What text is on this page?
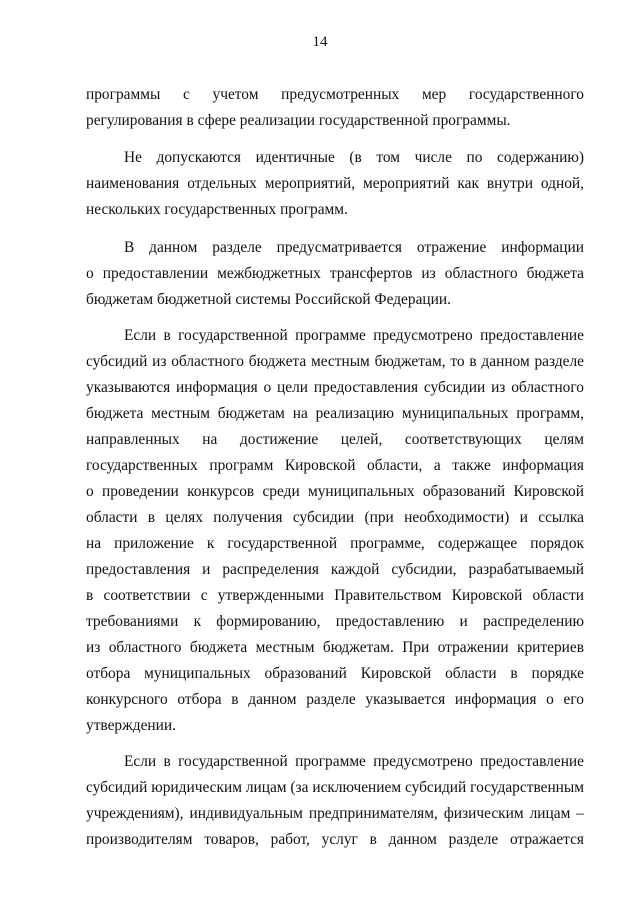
14
программы с учетом предусмотренных мер государственного
регулирования в сфере реализации государственной программы.
Не допускаются идентичные (в том числе по содержанию)
наименования отдельных мероприятий, мероприятий как внутри одной,
нескольких государственных программ.
В данном разделе предусматривается отражение информации
о предоставлении межбюджетных трансфертов из областного бюджета
бюджетам бюджетной системы Российской Федерации.
Если в государственной программе предусмотрено предоставление
субсидий из областного бюджета местным бюджетам, то в данном разделе
указываются информация о цели предоставления субсидии из областного
бюджета местным бюджетам на реализацию муниципальных программ,
направленных на достижение целей, соответствующих целям
государственных программ Кировской области, а также информация
о проведении конкурсов среди муниципальных образований Кировской
области в целях получения субсидии (при необходимости) и ссылка
на приложение к государственной программе, содержащее порядок
предоставления и распределения каждой субсидии, разрабатываемый
в соответствии с утвержденными Правительством Кировской области
требованиями к формированию, предоставлению и распределению
из областного бюджета местным бюджетам. При отражении критериев
отбора муниципальных образований Кировской области в порядке
конкурсного отбора в данном разделе указывается информация о его
утверждении.
Если в государственной программе предусмотрено предоставление
субсидий юридическим лицам (за исключением субсидий государственным
учреждениям), индивидуальным предпринимателям, физическим лицам –
производителям товаров, работ, услуг в данном разделе отражается
